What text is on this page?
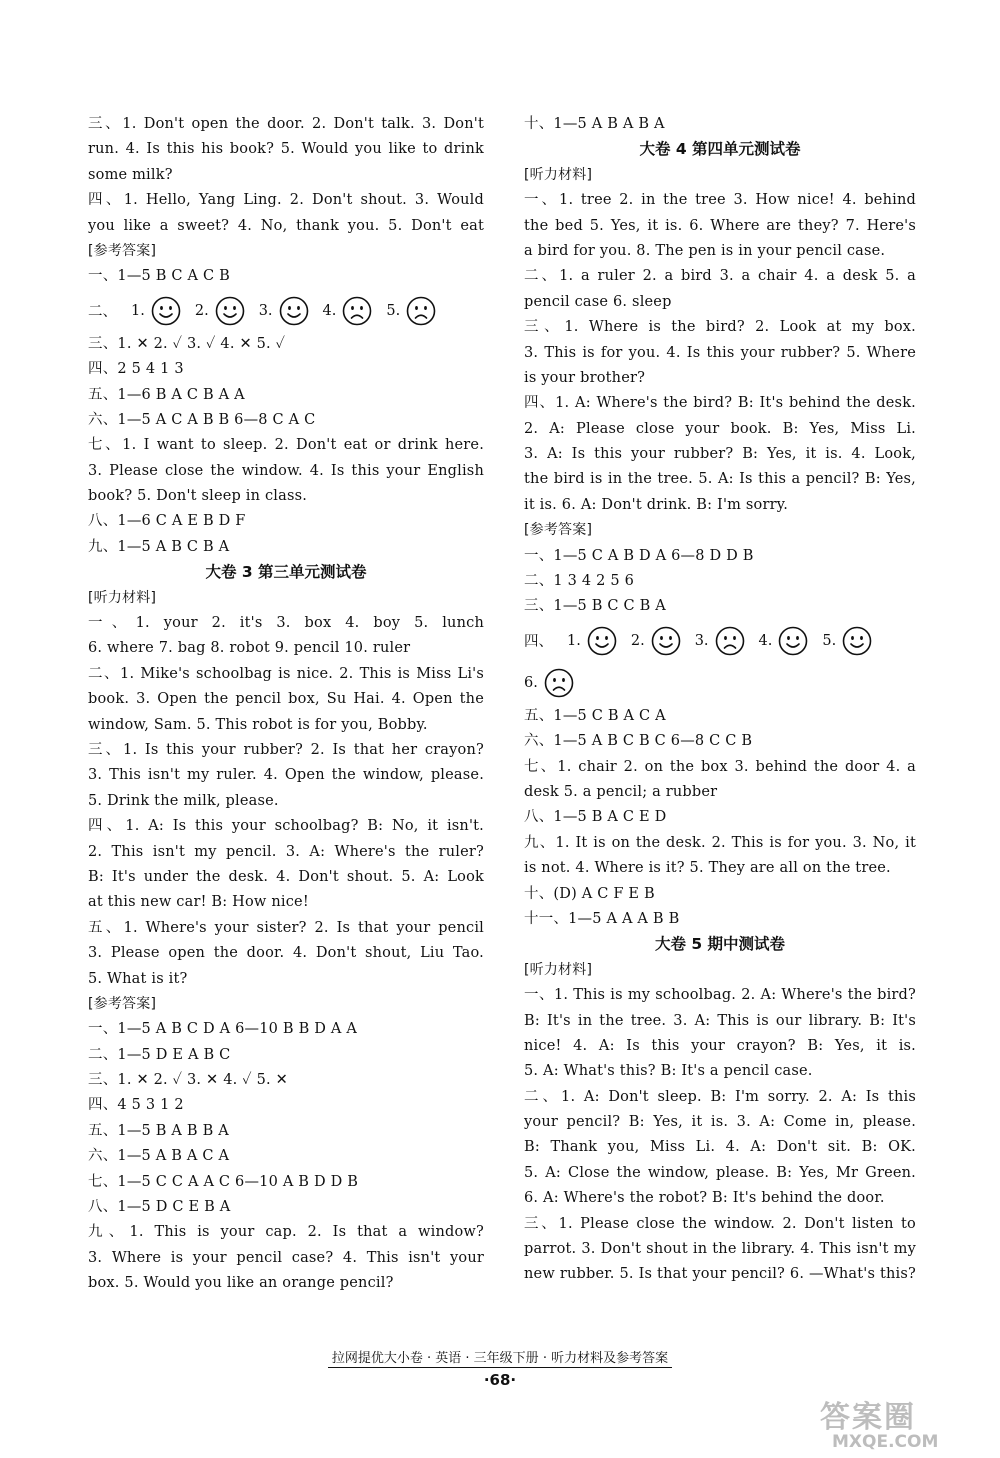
三、1. Don't open the door. 2. Don't talk. 3. Don't
run. 4. Is this his book? 5. Would you like to drink
some milk?
四、1. Hello, Yang Ling. 2. Don't shout. 3. Would
you like a sweet? 4. No, thank you. 5. Don't eat
[参考答案]
一、1—5 B C A C B
二、 1.	2.	3.	4.	5.
三、1. ✕ 2. ✓ 3. ✓ 4. ✕ 5. ✓
四、2 5 4 1 3
五、1—6 B A C B A A
六、1—5 A C A B B 6—8 C A C
七、1. I want to sleep. 2. Don't eat or drink here.
3. Please close the window. 4. Is this your English
book? 5. Don't sleep in class.
八、1—6 C A E B D F
九、1—5 A B C B A
大卷 3 第三单元测试卷
[听力材料]
一、1. your 2. it's 3. box 4. boy 5. lunch
6. where 7. bag 8. robot 9. pencil 10. ruler
二、1. Mike's schoolbag is nice. 2. This is Miss Li's
book. 3. Open the pencil box, Su Hai. 4. Open the
window, Sam. 5. This robot is for you, Bobby.
三、1. Is this your rubber? 2. Is that her crayon?
3. This isn't my ruler. 4. Open the window, please.
5. Drink the milk, please.
四、1. A: Is this your schoolbag? B: No, it isn't.
2. This isn't my pencil. 3. A: Where's the ruler?
B: It's under the desk. 4. Don't shout. 5. A: Look
at this new car! B: How nice!
五、1. Where's your sister? 2. Is that your pencil
3. Please open the door. 4. Don't shout, Liu Tao.
5. What is it?
[参考答案]
一、1—5 A B C D A 6—10 B B D A A
二、1—5 D E A B C
三、1. ✕ 2. ✓ 3. ✕ 4. ✓ 5. ✕
四、4 5 3 1 2
五、1—5 B A B B A
六、1—5 A B A C A
七、1—5 C C A A C 6—10 A B D D B
八、1—5 D C E B A
九、1. This is your cap. 2. Is that a window?
3. Where is your pencil case? 4. This isn't your
box. 5. Would you like an orange pencil?
十、1—5 A B A B A
大卷 4 第四单元测试卷
[听力材料]
一、1. tree 2. in the tree 3. How nice! 4. behind
the bed 5. Yes, it is. 6. Where are they? 7. Here's
a bird for you. 8. The pen is in your pencil case.
二、1. a ruler 2. a bird 3. a chair 4. a desk 5. a
pencil case 6. sleep
三、1. Where is the bird? 2. Look at my box.
3. This is for you. 4. Is this your rubber? 5. Where
is your brother?
四、1. A: Where's the bird? B: It's behind the desk.
2. A: Please close your book. B: Yes, Miss Li.
3. A: Is this your rubber? B: Yes, it is. 4. Look,
the bird is in the tree. 5. A: Is this a pencil? B: Yes,
it is. 6. A: Don't drink. B: I'm sorry.
[参考答案]
一、1—5 C A B D A 6—8 D D B
二、1 3 4 2 5 6
三、1—5 B C C B A
四、 1.	2.	3.	4.	5.
6.
五、1—5 C B A C A
六、1—5 A B C B C 6—8 C C B
七、1. chair 2. on the box 3. behind the door 4. a
desk 5. a pencil; a rubber
八、1—5 B A C E D
九、1. It is on the desk. 2. This is for you. 3. No, it
is not. 4. Where is it? 5. They are all on the tree.
十、(D) A C F E B
十一、1—5 A A A B B
大卷 5 期中测试卷
[听力材料]
一、1. This is my schoolbag. 2. A: Where's the bird?
B: It's in the tree. 3. A: This is our library. B: It's
nice! 4. A: Is this your crayon? B: Yes, it is.
5. A: What's this? B: It's a pencil case.
二、1. A: Don't sleep. B: I'm sorry. 2. A: Is this
your pencil? B: Yes, it is. 3. A: Come in, please.
B: Thank you, Miss Li. 4. A: Don't sit. B: OK.
5. A: Close the window, please. B: Yes, Mr Green.
6. A: Where's the robot? B: It's behind the door.
三、1. Please close the window. 2. Don't listen to
parrot. 3. Don't shout in the library. 4. This isn't my
new rubber. 5. Is that your pencil? 6. —What's this?
拉网提优大小卷 · 英语 · 三年级下册 · 听力材料及参考答案
·68·
答案圈
MXQE.COM
